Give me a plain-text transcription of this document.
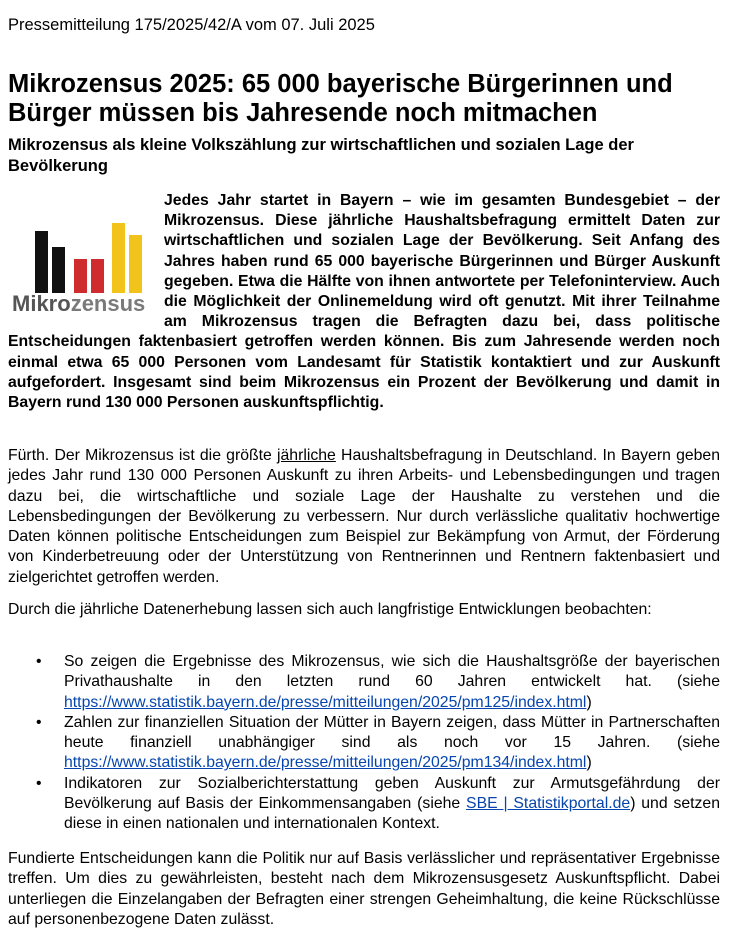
Pressemitteilung 175/2025/42/A vom 07. Juli 2025
Mikrozensus 2025: 65 000 bayerische Bürgerinnen und Bürger müssen bis Jahresende noch mitmachen
Mikrozensus als kleine Volkszählung zur wirtschaftlichen und sozialen Lage der Bevölkerung
Mikrozensus
Jedes Jahr startet in Bayern – wie im gesamten Bundesgebiet – der Mikrozensus. Diese jährliche Haushaltsbefragung ermittelt Daten zur wirtschaftlichen und sozialen Lage der Bevölkerung. Seit Anfang des Jahres haben rund 65 000 bayerische Bürgerinnen und Bürger Auskunft gegeben. Etwa die Hälfte von ihnen antwortete per Telefoninterview. Auch die Möglichkeit der Onlinemeldung wird oft genutzt. Mit ihrer Teilnahme am Mikrozensus tragen die Befragten dazu bei, dass politische Entscheidungen faktenbasiert getroffen werden können. Bis zum Jahresende werden noch einmal etwa 65 000 Personen vom Landesamt für Statistik kontaktiert und zur Auskunft aufgefordert. Insgesamt sind beim Mikrozensus ein Prozent der Bevölkerung und damit in Bayern rund 130 000 Personen auskunftspflichtig.

Fürth. Der Mikrozensus ist die größte jährliche Haushaltsbefragung in Deutschland. In Bayern geben jedes Jahr rund 130 000 Personen Auskunft zu ihren Arbeits- und Lebensbedingungen und tragen dazu bei, die wirtschaftliche und soziale Lage der Haushalte zu verstehen und die Lebensbedingungen der Bevölkerung zu verbessern. Nur durch verlässliche qualitativ hochwertige Daten können politische Entscheidungen zum Beispiel zur Bekämpfung von Armut, der Förderung von Kinderbetreuung oder der Unterstützung von Rentnerinnen und Rentnern faktenbasiert und zielgerichtet getroffen werden.

Durch die jährliche Datenerhebung lassen sich auch langfristige Entwicklungen beobachten:

• So zeigen die Ergebnisse des Mikrozensus, wie sich die Haushaltsgröße der bayerischen Privathaushalte in den letzten rund 60 Jahren entwickelt hat. (siehe https://www.statistik.bayern.de/presse/mitteilungen/2025/pm125/index.html)
• Zahlen zur finanziellen Situation der Mütter in Bayern zeigen, dass Mütter in Partnerschaften heute finanziell unabhängiger sind als noch vor 15 Jahren. (siehe https://www.statistik.bayern.de/presse/mitteilungen/2025/pm134/index.html)
• Indikatoren zur Sozialberichterstattung geben Auskunft zur Armutsgefährdung der Bevölkerung auf Basis der Einkommensangaben (siehe SBE | Statistikportal.de) und setzen diese in einen nationalen und internationalen Kontext.

Fundierte Entscheidungen kann die Politik nur auf Basis verlässlicher und repräsentativer Ergebnisse treffen. Um dies zu gewährleisten, besteht nach dem Mikrozensusgesetz Auskunftspflicht. Dabei unterliegen die Einzelangaben der Befragten einer strengen Geheimhaltung, die keine Rückschlüsse auf personenbezogene Daten zulässt.
